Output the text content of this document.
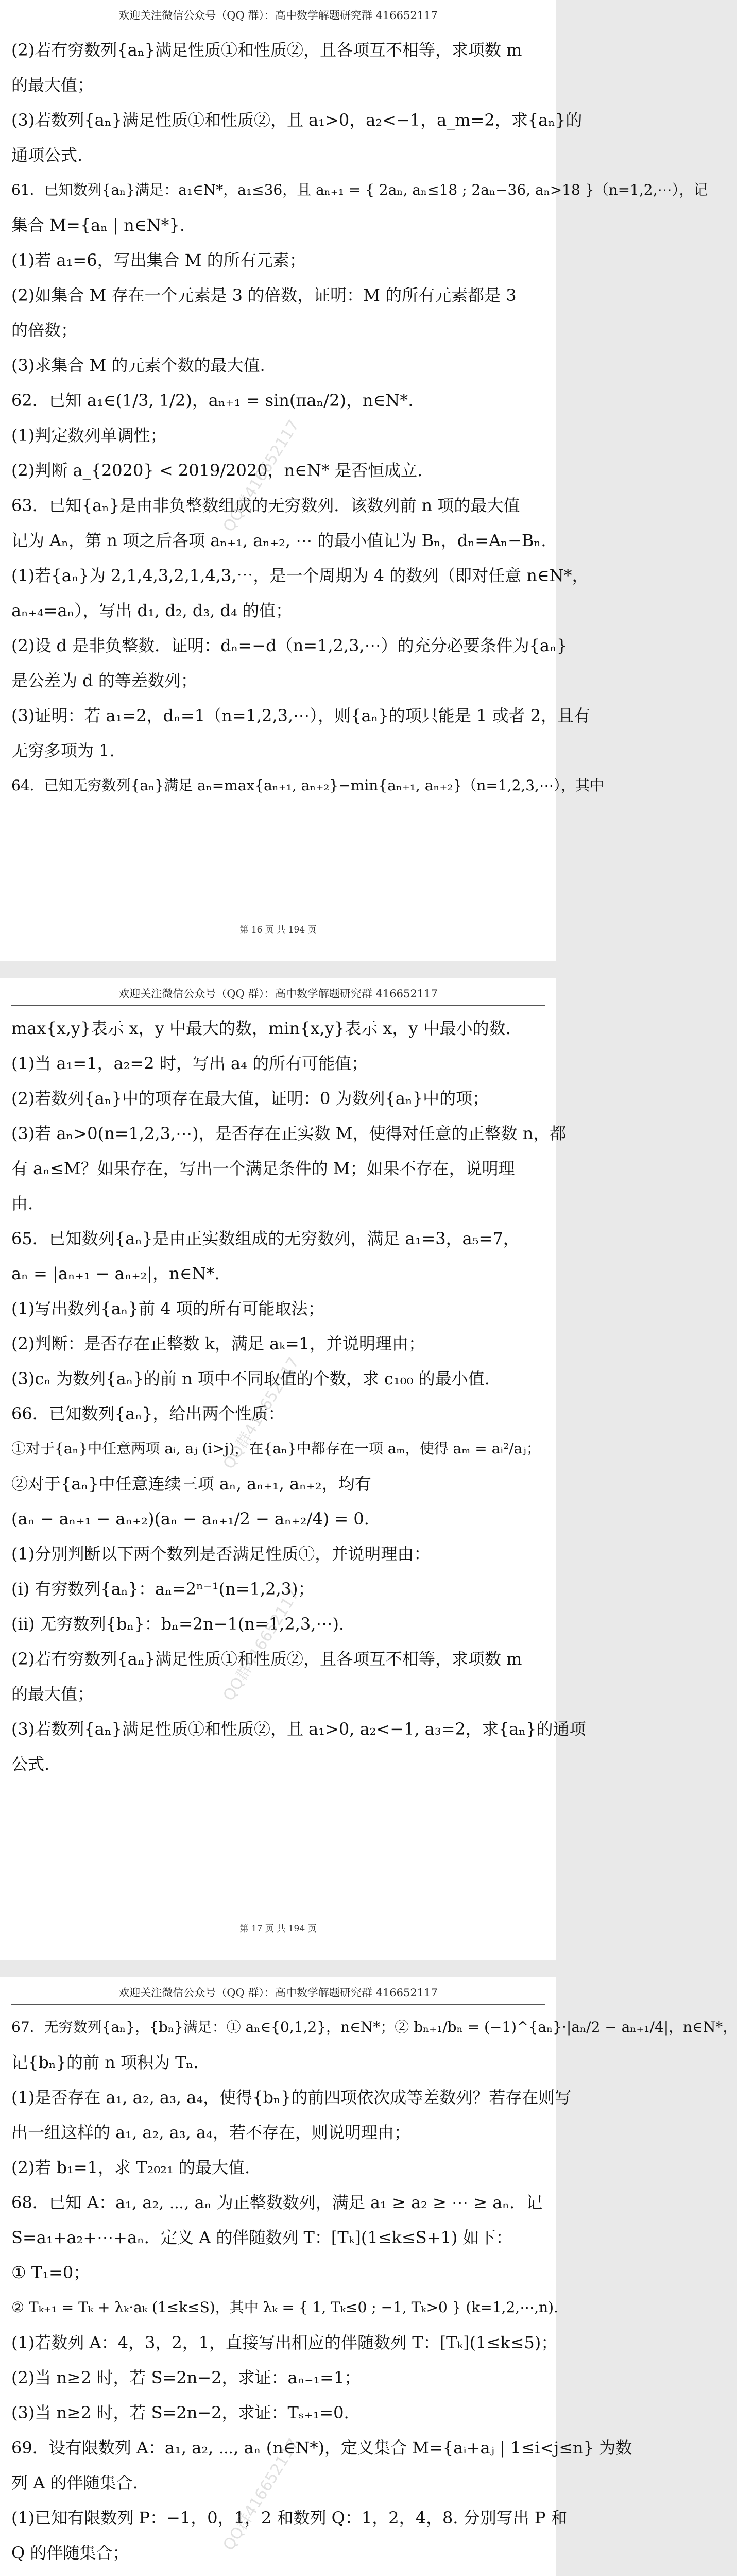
欢迎关注微信公众号（QQ 群）：高中数学解题研究群 416652117
(2)若有穷数列{aₙ}满足性质①和性质②，且各项互不相等，求项数 m
的最大值；
(3)若数列{aₙ}满足性质①和性质②，且 a₁>0，a₂<−1，a_m=2，求{aₙ}的
通项公式.
61．已知数列{aₙ}满足：a₁∈N*，a₁≤36，且 aₙ₊₁ = { 2aₙ, aₙ≤18 ; 2aₙ−36, aₙ>18 }（n=1,2,⋯），记
集合 M={aₙ | n∈N*}.
(1)若 a₁=6，写出集合 M 的所有元素；
(2)如集合 M 存在一个元素是 3 的倍数，证明：M 的所有元素都是 3
的倍数；
(3)求集合 M 的元素个数的最大值.
62．已知 a₁∈(1/3, 1/2)，aₙ₊₁ = sin(πaₙ/2)，n∈N*.
(1)判定数列单调性；
(2)判断 a_{2020} < 2019/2020，n∈N* 是否恒成立.
63．已知{aₙ}是由非负整数组成的无穷数列．该数列前 n 项的最大值
记为 Aₙ，第 n 项之后各项 aₙ₊₁, aₙ₊₂, ⋯ 的最小值记为 Bₙ，dₙ=Aₙ−Bₙ.
(1)若{aₙ}为 2,1,4,3,2,1,4,3,⋯，是一个周期为 4 的数列（即对任意 n∈N*，
aₙ₊₄=aₙ），写出 d₁, d₂, d₃, d₄ 的值；
(2)设 d 是非负整数．证明：dₙ=−d（n=1,2,3,⋯）的充分必要条件为{aₙ}
是公差为 d 的等差数列；
(3)证明：若 a₁=2，dₙ=1（n=1,2,3,⋯），则{aₙ}的项只能是 1 或者 2，且有
无穷多项为 1.
64．已知无穷数列{aₙ}满足 aₙ=max{aₙ₊₁, aₙ₊₂}−min{aₙ₊₁, aₙ₊₂}（n=1,2,3,⋯），其中
第 16 页 共 194 页
QQ群416652117
欢迎关注微信公众号（QQ 群）：高中数学解题研究群 416652117
max{x,y}表示 x，y 中最大的数，min{x,y}表示 x，y 中最小的数.
(1)当 a₁=1，a₂=2 时，写出 a₄ 的所有可能值；
(2)若数列{aₙ}中的项存在最大值，证明：0 为数列{aₙ}中的项；
(3)若 aₙ>0(n=1,2,3,⋯)，是否存在正实数 M，使得对任意的正整数 n，都
有 aₙ≤M？如果存在，写出一个满足条件的 M；如果不存在，说明理
由.
65．已知数列{aₙ}是由正实数组成的无穷数列，满足 a₁=3，a₅=7，
aₙ = |aₙ₊₁ − aₙ₊₂|，n∈N*.
(1)写出数列{aₙ}前 4 项的所有可能取法；
(2)判断：是否存在正整数 k，满足 aₖ=1，并说明理由；
(3)cₙ 为数列{aₙ}的前 n 项中不同取值的个数，求 c₁₀₀ 的最小值.
66．已知数列{aₙ}，给出两个性质：
①对于{aₙ}中任意两项 aᵢ, aⱼ (i>j)，在{aₙ}中都存在一项 aₘ，使得 aₘ = aᵢ²/aⱼ；
②对于{aₙ}中任意连续三项 aₙ, aₙ₊₁, aₙ₊₂，均有
(aₙ − aₙ₊₁ − aₙ₊₂)(aₙ − aₙ₊₁/2 − aₙ₊₂/4) = 0.
(1)分别判断以下两个数列是否满足性质①，并说明理由：
(i) 有穷数列{aₙ}：aₙ=2ⁿ⁻¹(n=1,2,3)；
(ii) 无穷数列{bₙ}：bₙ=2n−1(n=1,2,3,⋯).
(2)若有穷数列{aₙ}满足性质①和性质②，且各项互不相等，求项数 m
的最大值；
(3)若数列{aₙ}满足性质①和性质②，且 a₁>0, a₂<−1, a₃=2，求{aₙ}的通项
公式.
第 17 页 共 194 页
QQ群416652117
QQ群416652117
欢迎关注微信公众号（QQ 群）：高中数学解题研究群 416652117
67．无穷数列{aₙ}，{bₙ}满足：① aₙ∈{0,1,2}，n∈N*；② bₙ₊₁/bₙ = (−1)^{aₙ}·|aₙ/2 − aₙ₊₁/4|，n∈N*，
记{bₙ}的前 n 项积为 Tₙ.
(1)是否存在 a₁, a₂, a₃, a₄，使得{bₙ}的前四项依次成等差数列？若存在则写
出一组这样的 a₁, a₂, a₃, a₄，若不存在，则说明理由；
(2)若 b₁=1，求 T₂₀₂₁ 的最大值.
68．已知 A：a₁, a₂, ⋯, aₙ 为正整数数列，满足 a₁ ≥ a₂ ≥ ⋯ ≥ aₙ．记
S=a₁+a₂+⋯+aₙ．定义 A 的伴随数列 T：[Tₖ](1≤k≤S+1) 如下：
① T₁=0；
② Tₖ₊₁ = Tₖ + λₖ·aₖ (1≤k≤S)，其中 λₖ = { 1, Tₖ≤0 ; −1, Tₖ>0 } (k=1,2,⋯,n).
(1)若数列 A：4，3，2，1，直接写出相应的伴随数列 T：[Tₖ](1≤k≤5)；
(2)当 n≥2 时，若 S=2n−2，求证：aₙ₋₁=1；
(3)当 n≥2 时，若 S=2n−2，求证：Tₛ₊₁=0.
69．设有限数列 A：a₁, a₂, ⋯, aₙ (n∈N*)，定义集合 M={aᵢ+aⱼ | 1≤i<j≤n} 为数
列 A 的伴随集合.
(1)已知有限数列 P：−1，0，1，2 和数列 Q：1，2，4，8. 分别写出 P 和
Q 的伴随集合；	QQ群416652117
